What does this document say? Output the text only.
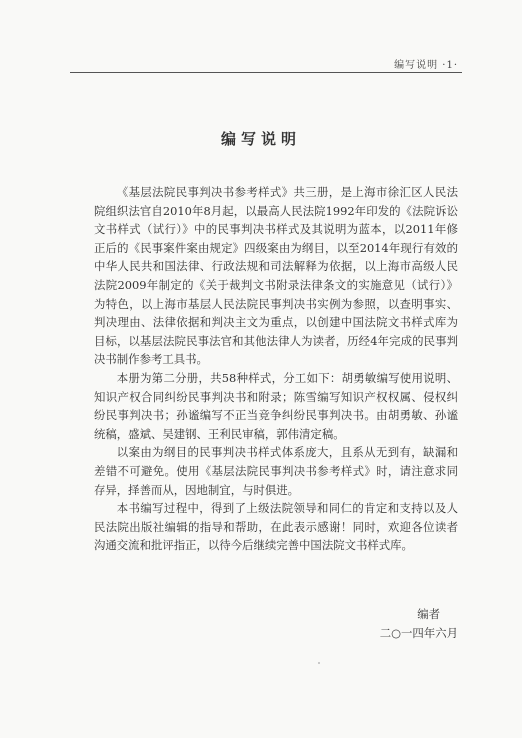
编写说明 ·1·
编写说明

《基层法院民事判决书参考样式》共三册，是上海市徐汇区人民法院组织法官自2010年8月起，以最高人民法院1992年印发的《法院诉讼文书样式（试行）》中的民事判决书样式及其说明为蓝本，以2011年修正后的《民事案件案由规定》四级案由为纲目，以至2014年现行有效的中华人民共和国法律、行政法规和司法解释为依据，以上海市高级人民法院2009年制定的《关于裁判文书附录法律条文的实施意见（试行）》为特色，以上海市基层人民法院民事判决书实例为参照，以查明事实、判决理由、法律依据和判决主文为重点，以创建中国法院文书样式库为目标，以基层法院民事法官和其他法律人为读者，历经4年完成的民事判决书制作参考工具书。

本册为第二分册，共58种样式，分工如下：胡勇敏编写使用说明、知识产权合同纠纷民事判决书和附录；陈雪编写知识产权权属、侵权纠纷民事判决书；孙谧编写不正当竞争纠纷民事判决书。由胡勇敏、孙谧统稿，盛斌、吴建钢、王利民审稿，郭伟清定稿。

以案由为纲目的民事判决书样式体系庞大，且系从无到有，缺漏和差错不可避免。使用《基层法院民事判决书参考样式》时，请注意求同存异，择善而从，因地制宜，与时俱进。

本书编写过程中，得到了上级法院领导和同仁的肯定和支持以及人民法院出版社编辑的指导和帮助，在此表示感谢！同时，欢迎各位读者沟通交流和批评指正，以待今后继续完善中国法院文书样式库。

编者
二○一四年六月
